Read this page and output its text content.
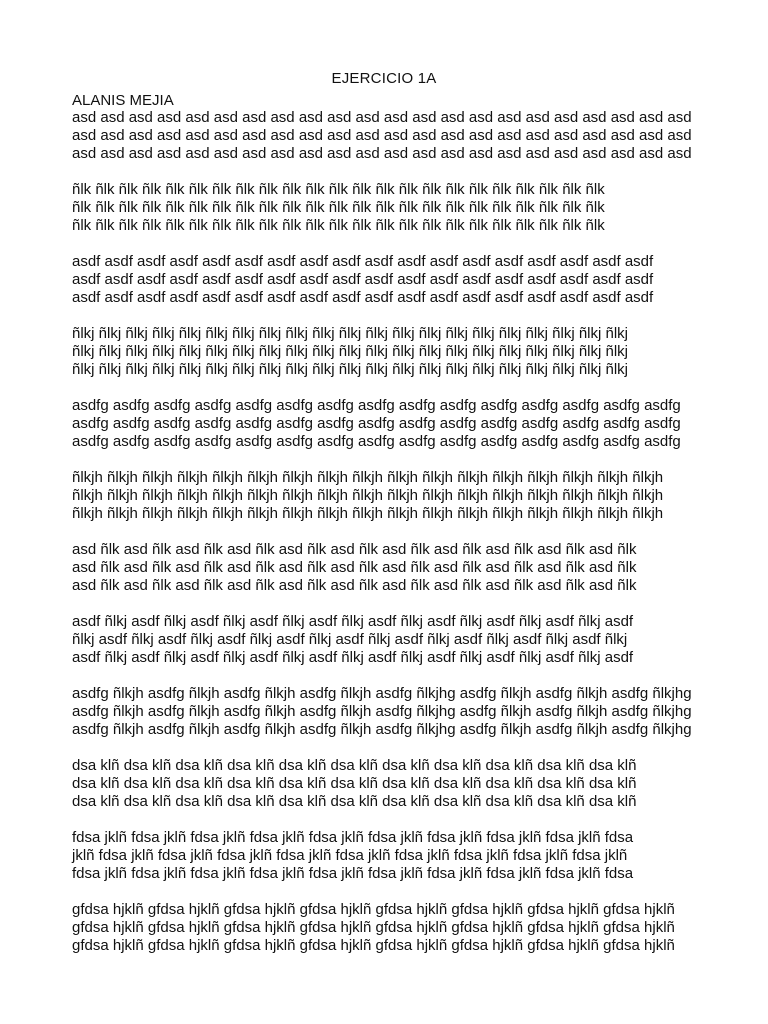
EJERCICIO 1A
ALANIS MEJIA
asd asd asd asd asd asd asd asd asd asd asd asd asd asd asd asd asd asd asd asd asd asd
asd asd asd asd asd asd asd asd asd asd asd asd asd asd asd asd asd asd asd asd asd asd
asd asd asd asd asd asd asd asd asd asd asd asd asd asd asd asd asd asd asd asd asd asd
ñlk ñlk ñlk ñlk ñlk ñlk ñlk ñlk ñlk ñlk ñlk ñlk ñlk ñlk ñlk ñlk ñlk ñlk ñlk ñlk ñlk ñlk ñlk
ñlk ñlk ñlk ñlk ñlk ñlk ñlk ñlk ñlk ñlk ñlk ñlk ñlk ñlk ñlk ñlk ñlk ñlk ñlk ñlk ñlk ñlk ñlk
ñlk ñlk ñlk ñlk ñlk ñlk ñlk ñlk ñlk ñlk ñlk ñlk ñlk ñlk ñlk ñlk ñlk ñlk ñlk ñlk ñlk ñlk ñlk
asdf asdf asdf asdf asdf asdf asdf asdf asdf asdf asdf asdf asdf asdf asdf asdf asdf asdf
asdf asdf asdf asdf asdf asdf asdf asdf asdf asdf asdf asdf asdf asdf asdf asdf asdf asdf
asdf asdf asdf asdf asdf asdf asdf asdf asdf asdf asdf asdf asdf asdf asdf asdf asdf asdf
ñlkj ñlkj ñlkj ñlkj ñlkj ñlkj ñlkj ñlkj ñlkj ñlkj ñlkj ñlkj ñlkj ñlkj ñlkj ñlkj ñlkj ñlkj ñlkj ñlkj ñlkj
ñlkj ñlkj ñlkj ñlkj ñlkj ñlkj ñlkj ñlkj ñlkj ñlkj ñlkj ñlkj ñlkj ñlkj ñlkj ñlkj ñlkj ñlkj ñlkj ñlkj ñlkj
ñlkj ñlkj ñlkj ñlkj ñlkj ñlkj ñlkj ñlkj ñlkj ñlkj ñlkj ñlkj ñlkj ñlkj ñlkj ñlkj ñlkj ñlkj ñlkj ñlkj ñlkj
asdfg asdfg asdfg asdfg asdfg asdfg asdfg asdfg asdfg asdfg asdfg asdfg asdfg asdfg asdfg
asdfg asdfg asdfg asdfg asdfg asdfg asdfg asdfg asdfg asdfg asdfg asdfg asdfg asdfg asdfg
asdfg asdfg asdfg asdfg asdfg asdfg asdfg asdfg asdfg asdfg asdfg asdfg asdfg asdfg asdfg
ñlkjh ñlkjh ñlkjh ñlkjh ñlkjh ñlkjh ñlkjh ñlkjh ñlkjh ñlkjh ñlkjh ñlkjh ñlkjh ñlkjh ñlkjh ñlkjh ñlkjh
ñlkjh ñlkjh ñlkjh ñlkjh ñlkjh ñlkjh ñlkjh ñlkjh ñlkjh ñlkjh ñlkjh ñlkjh ñlkjh ñlkjh ñlkjh ñlkjh ñlkjh
ñlkjh ñlkjh ñlkjh ñlkjh ñlkjh ñlkjh ñlkjh ñlkjh ñlkjh ñlkjh ñlkjh ñlkjh ñlkjh ñlkjh ñlkjh ñlkjh ñlkjh
asd ñlk asd ñlk asd ñlk asd ñlk asd ñlk asd ñlk asd ñlk asd ñlk asd ñlk asd ñlk asd ñlk
asd ñlk asd ñlk asd ñlk asd ñlk asd ñlk asd ñlk asd ñlk asd ñlk asd ñlk asd ñlk asd ñlk
asd ñlk asd ñlk asd ñlk asd ñlk asd ñlk asd ñlk asd ñlk asd ñlk asd ñlk asd ñlk asd ñlk
asdf ñlkj asdf ñlkj asdf ñlkj asdf ñlkj asdf ñlkj asdf ñlkj asdf ñlkj asdf ñlkj asdf ñlkj asdf
ñlkj asdf ñlkj asdf ñlkj asdf ñlkj asdf ñlkj asdf ñlkj asdf ñlkj asdf ñlkj asdf ñlkj asdf ñlkj
asdf ñlkj asdf ñlkj asdf ñlkj asdf ñlkj asdf ñlkj asdf ñlkj asdf ñlkj asdf ñlkj asdf ñlkj asdf
asdfg ñlkjh asdfg ñlkjh asdfg ñlkjh asdfg ñlkjh asdfg ñlkjhg asdfg ñlkjh asdfg ñlkjh asdfg ñlkjhg
asdfg ñlkjh asdfg ñlkjh asdfg ñlkjh asdfg ñlkjh asdfg ñlkjhg asdfg ñlkjh asdfg ñlkjh asdfg ñlkjhg
asdfg ñlkjh asdfg ñlkjh asdfg ñlkjh asdfg ñlkjh asdfg ñlkjhg asdfg ñlkjh asdfg ñlkjh asdfg ñlkjhg
dsa klñ dsa klñ dsa klñ dsa klñ dsa klñ dsa klñ dsa klñ dsa klñ dsa klñ dsa klñ dsa klñ
dsa klñ dsa klñ dsa klñ dsa klñ dsa klñ dsa klñ dsa klñ dsa klñ dsa klñ dsa klñ dsa klñ
dsa klñ dsa klñ dsa klñ dsa klñ dsa klñ dsa klñ dsa klñ dsa klñ dsa klñ dsa klñ dsa klñ
fdsa jklñ fdsa jklñ fdsa jklñ fdsa jklñ fdsa jklñ fdsa jklñ fdsa jklñ fdsa jklñ fdsa jklñ fdsa
jklñ fdsa jklñ fdsa jklñ fdsa jklñ fdsa jklñ fdsa jklñ fdsa jklñ fdsa jklñ fdsa jklñ fdsa jklñ
fdsa jklñ fdsa jklñ fdsa jklñ fdsa jklñ fdsa jklñ fdsa jklñ fdsa jklñ fdsa jklñ fdsa jklñ fdsa
gfdsa hjklñ gfdsa hjklñ gfdsa hjklñ gfdsa hjklñ gfdsa hjklñ gfdsa hjklñ gfdsa hjklñ gfdsa hjklñ
gfdsa hjklñ gfdsa hjklñ gfdsa hjklñ gfdsa hjklñ gfdsa hjklñ gfdsa hjklñ gfdsa hjklñ gfdsa hjklñ
gfdsa hjklñ gfdsa hjklñ gfdsa hjklñ gfdsa hjklñ gfdsa hjklñ gfdsa hjklñ gfdsa hjklñ gfdsa hjklñ
